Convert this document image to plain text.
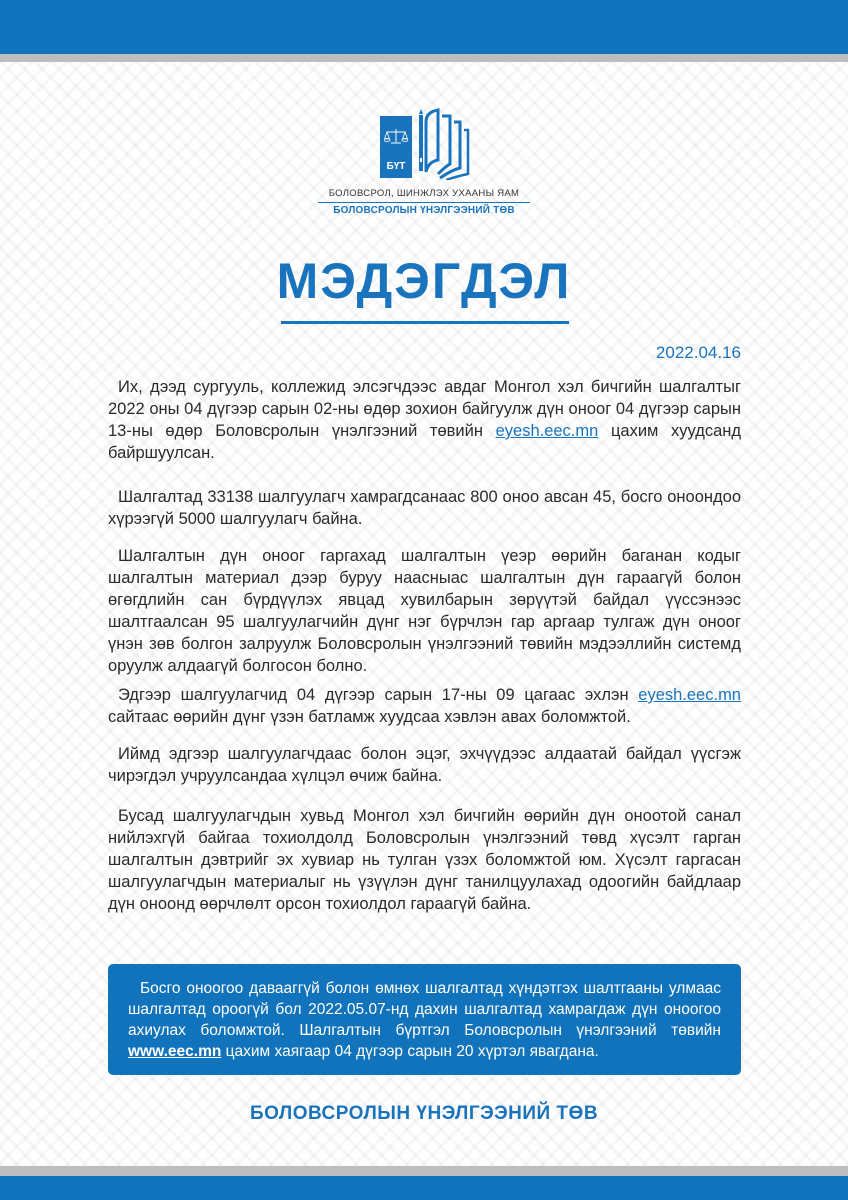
БҮТ
БОЛОВСРОЛ, ШИНЖЛЭХ УХААНЫ ЯАМ
БОЛОВСРОЛЫН ҮНЭЛГЭЭНИЙ ТӨВ
МЭДЭГДЭЛ
2022.04.16

Их, дээд сургууль, коллежид элсэгчдээс авдаг Монгол хэл бичгийн шалгалтыг 2022 оны 04 дүгээр сарын 02-ны өдөр зохион байгуулж дүн оноог 04 дүгээр сарын 13-ны өдөр Боловсролын үнэлгээний төвийн eyesh.eec.mn цахим хуудсанд байршуулсан.

Шалгалтад 33138 шалгуулагч хамрагдсанаас 800 оноо авсан 45, босго оноондоо хүрээгүй 5000 шалгуулагч байна.

Шалгалтын дүн оноог гаргахад шалгалтын үеэр өөрийн баганан кодыг шалгалтын материал дээр буруу наасныас шалгалтын дүн гараагүй болон өгөгдлийн сан бүрдүүлэх явцад хувилбарын зөрүүтэй байдал үүссэнээс шалтгаалсан 95 шалгуулагчийн дүнг нэг бүрчлэн гар аргаар тулгаж дүн оноог үнэн зөв болгон залруулж Боловсролын үнэлгээний төвийн мэдээллийн системд оруулж алдаагүй болгосон болно.

Эдгээр шалгуулагчид 04 дүгээр сарын 17-ны 09 цагаас эхлэн eyesh.eec.mn сайтаас өөрийн дүнг үзэн батламж хуудсаа хэвлэн авах боломжтой.

Иймд эдгээр шалгуулагчдаас болон эцэг, эхчүүдээс алдаатай байдал үүсгэж чирэгдэл учруулсандаа хүлцэл өчиж байна.

Бусад шалгуулагчдын хувьд Монгол хэл бичгийн өөрийн дүн оноотой санал нийлэхгүй байгаа тохиолдолд Боловсролын үнэлгээний төвд хүсэлт гарган шалгалтын дэвтрийг эх хувиар нь тулган үзэх боломжтой юм. Хүсэлт гаргасан шалгуулагчдын материалыг нь үзүүлэн дүнг танилцуулахад одоогийн байдлаар дүн оноонд өөрчлөлт орсон тохиолдол гараагүй байна.

Босго оноогоо давааггүй болон өмнөх шалгалтад хүндэтгэх шалтгааны улмаас шалгалтад ороогүй бол 2022.05.07-нд дахин шалгалтад хамрагдаж дүн оноогоо ахиулах боломжтой. Шалгалтын бүртгэл Боловсролын үнэлгээний төвийн www.eec.mn цахим хаягаар 04 дүгээр сарын 20 хүртэл явагдана.

БОЛОВСРОЛЫН ҮНЭЛГЭЭНИЙ ТӨВ
